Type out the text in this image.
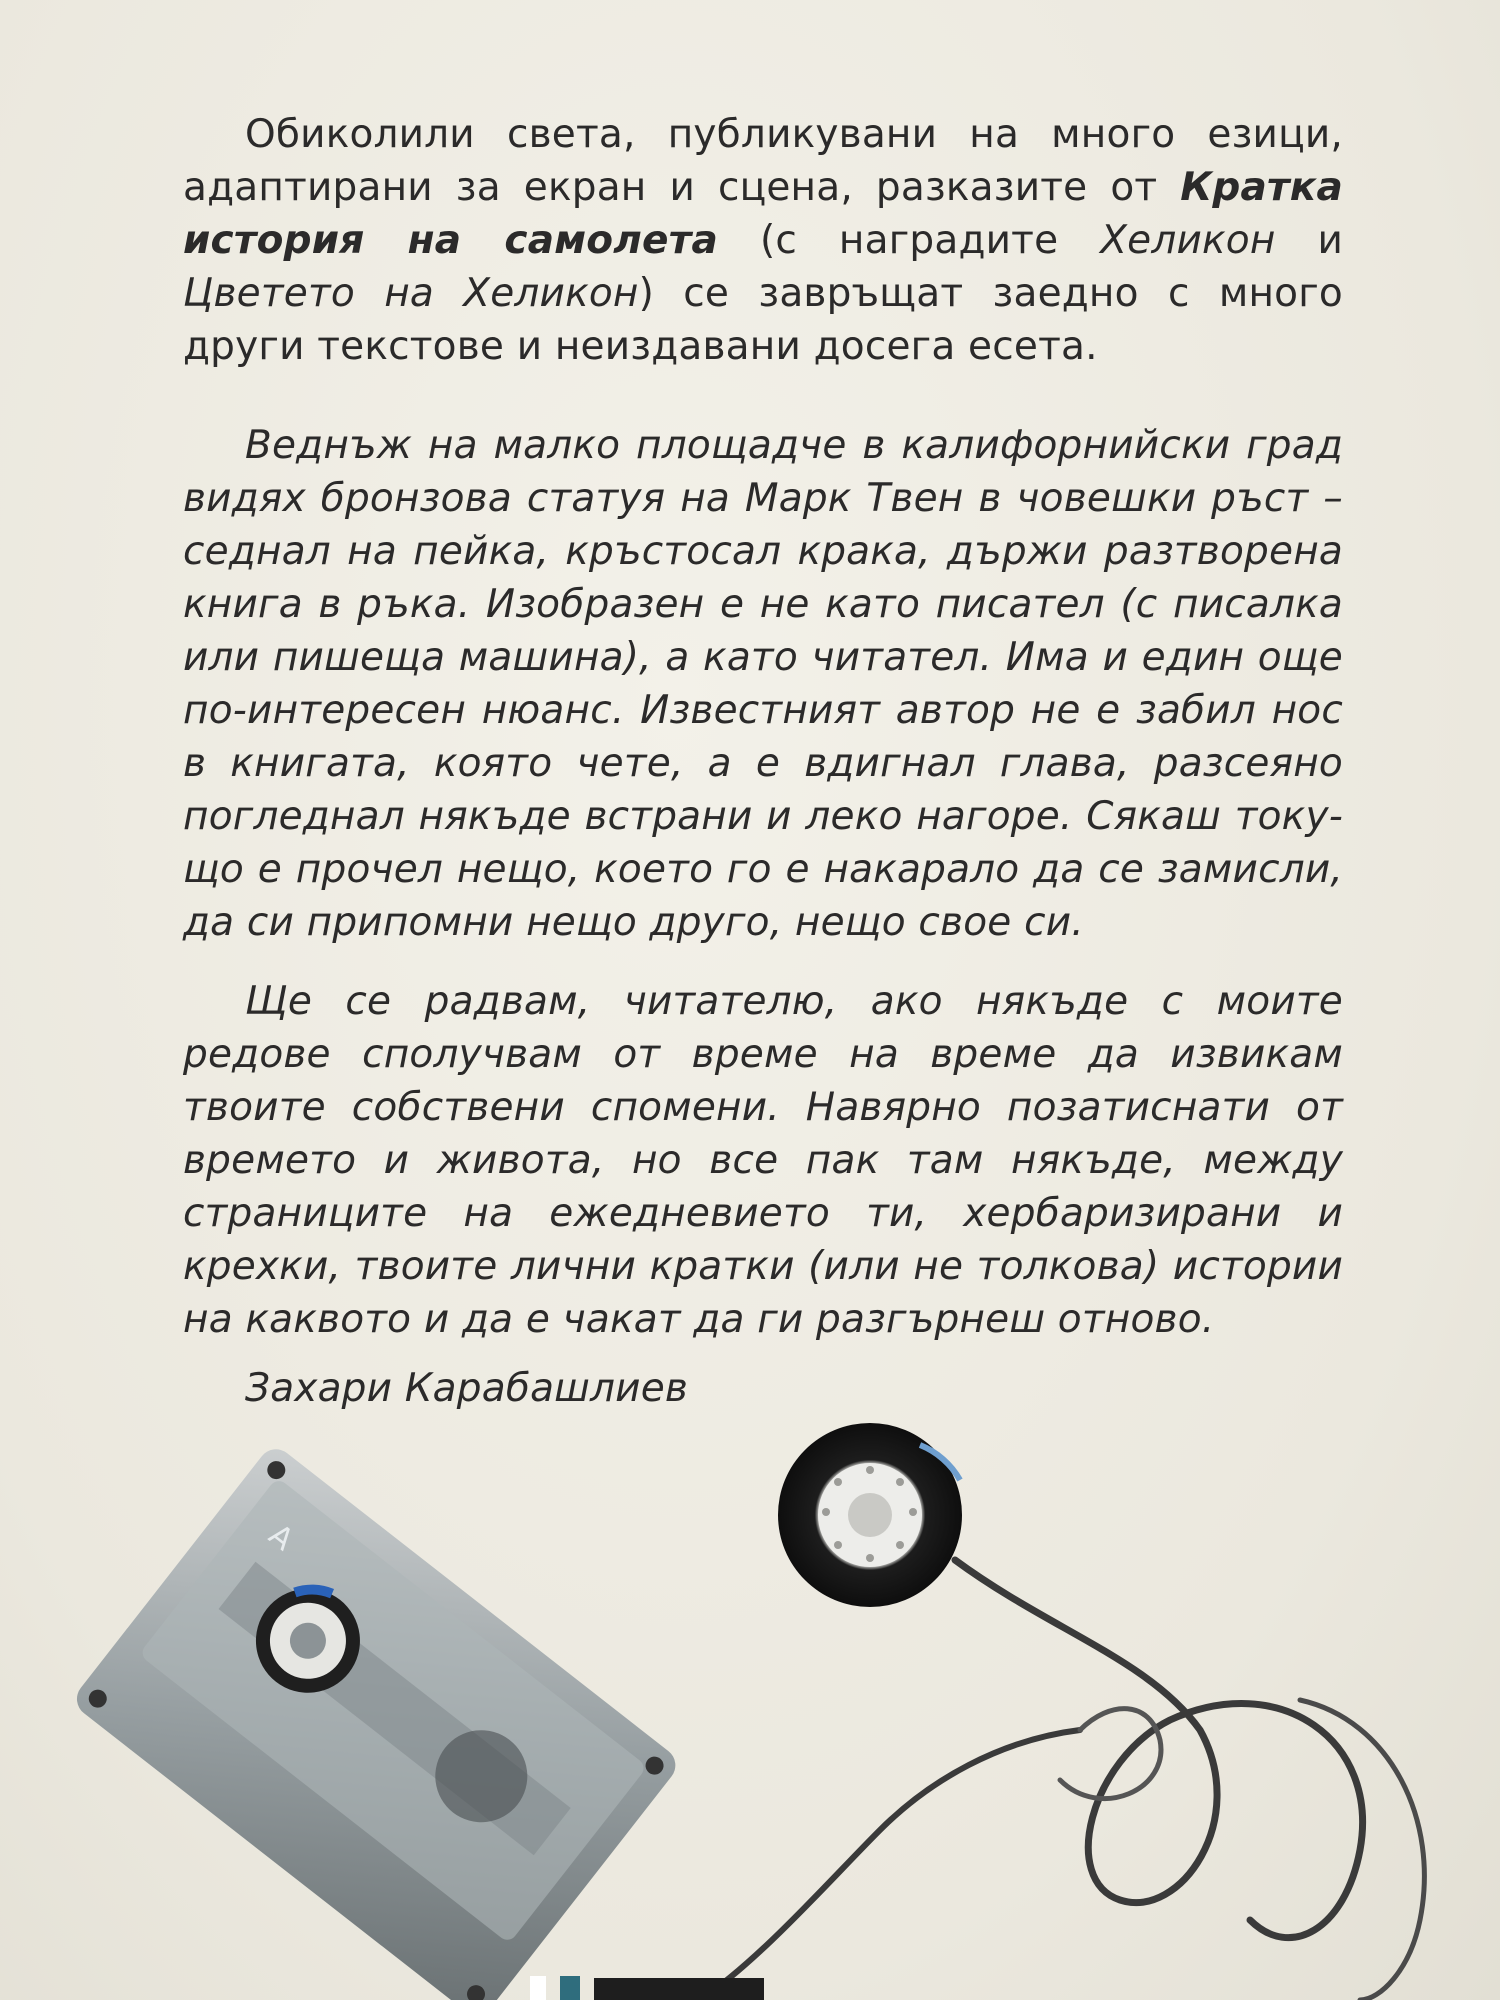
Обиколили света, публикувани на много езици, адаптирани за екран и сцена, разказите от Кратка история на самолета (с наградите Хеликон и Цветето на Хеликон) се завръщат заедно с много други текстове и неиздавани досега есета.

Веднъж на малко площадче в калифорнийски град видях бронзова статуя на Марк Твен в човешки ръст – седнал на пейка, кръстосал крака, държи разтворена книга в ръка. Изобразен е не като писател (с писалка или пишеща машина), а като читател. Има и един още по-интересен нюанс. Известният автор не е забил нос в книгата, която чете, а е вдигнал глава, разсеяно погледнал някъде встрани и леко нагоре. Сякаш току-що е прочел нещо, което го е накарало да се замисли, да си припомни нещо друго, нещо свое си.

Ще се радвам, читателю, ако някъде с моите редове сполучвам от време на време да извикам твоите собствени спомени. Навярно позатиснати от времето и живота, но все пак там някъде, между страниците на ежедневието ти, хербаризирани и крехки, твоите лични кратки (или не толкова) истории на каквото и да е чакат да ги разгърнеш отново.

Захари Карабашлиев
A
